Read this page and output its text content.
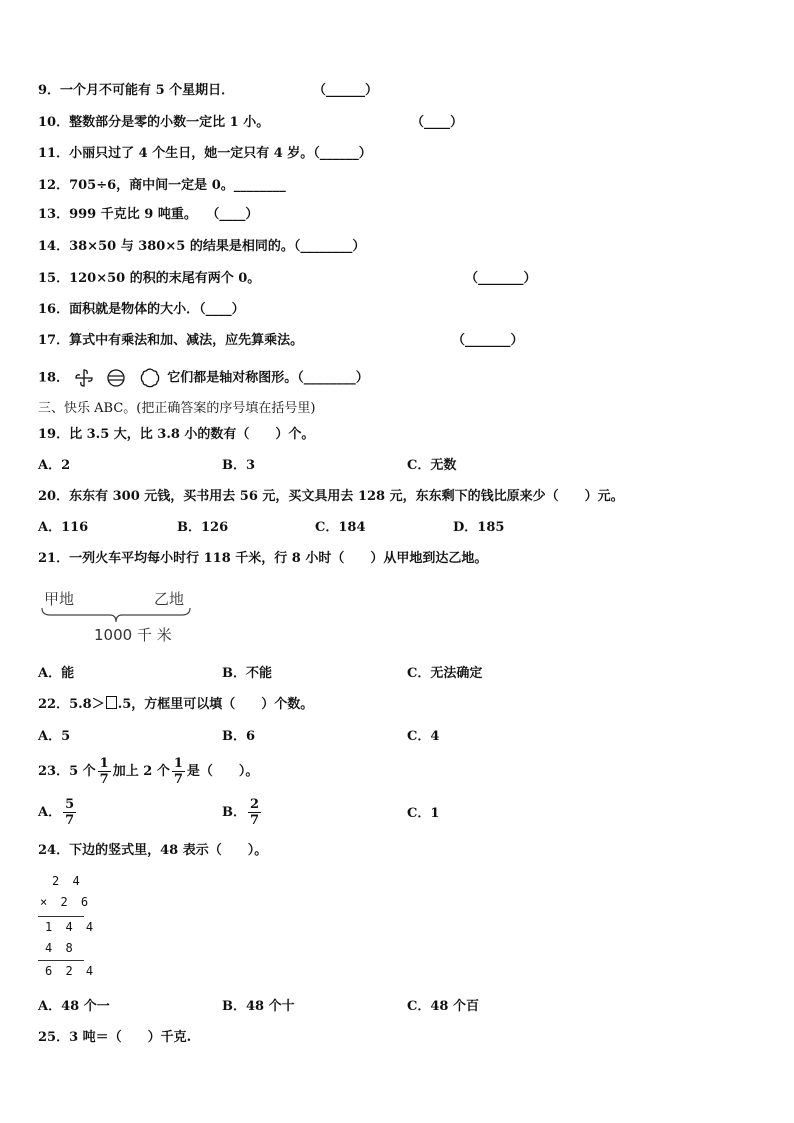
9．一个月不可能有 5 个星期日．	（______）
10．整数部分是零的小数一定比 1 小。	（____）
11．小丽只过了 4 个生日，她一定只有 4 岁。（______）
12．705÷6，商中间一定是 0。________
13．999 千克比 9 吨重。 （____）
14．38×50 与 380×5 的结果是相同的。（________）
15．120×50 的积的末尾有两个 0。	（_______）
16．面积就是物体的大小．（____）
17．算式中有乘法和加、减法，应先算乘法。	（_______）
18．	它们都是轴对称图形。（________）
三、快乐 ABC。(把正确答案的序号填在括号里)
19．比 3.5 大，比 3.8 小的数有（　　）个。
A．2	B．3	C．无数
20．东东有 300 元钱，买书用去 56 元，买文具用去 128 元，东东剩下的钱比原来少（　　）元。
A．116	B．126	C．184	D．185
21．一列火车平均每小时行 118 千米，行 8 小时（　　）从甲地到达乙地。
甲地	乙地
1000 千 米
A．能	B．不能	C．无法确定
22．5.8＞ .5，方框里可以填（　　）个数。
A．5	B．6	C．4
23．5 个 $\frac{1}{7}$ 加上 2 个 $\frac{1}{7}$ 是（　　）。
A． $\frac{5}{7}$	B． $\frac{2}{7}$	C．1
24．下边的竖式里，48 表示（　　）。
2 4
× 2 6
1 4 4
4 8
6 2 4
A．48 个一	B．48 个十	C．48 个百
25．3 吨＝（　　）千克.
